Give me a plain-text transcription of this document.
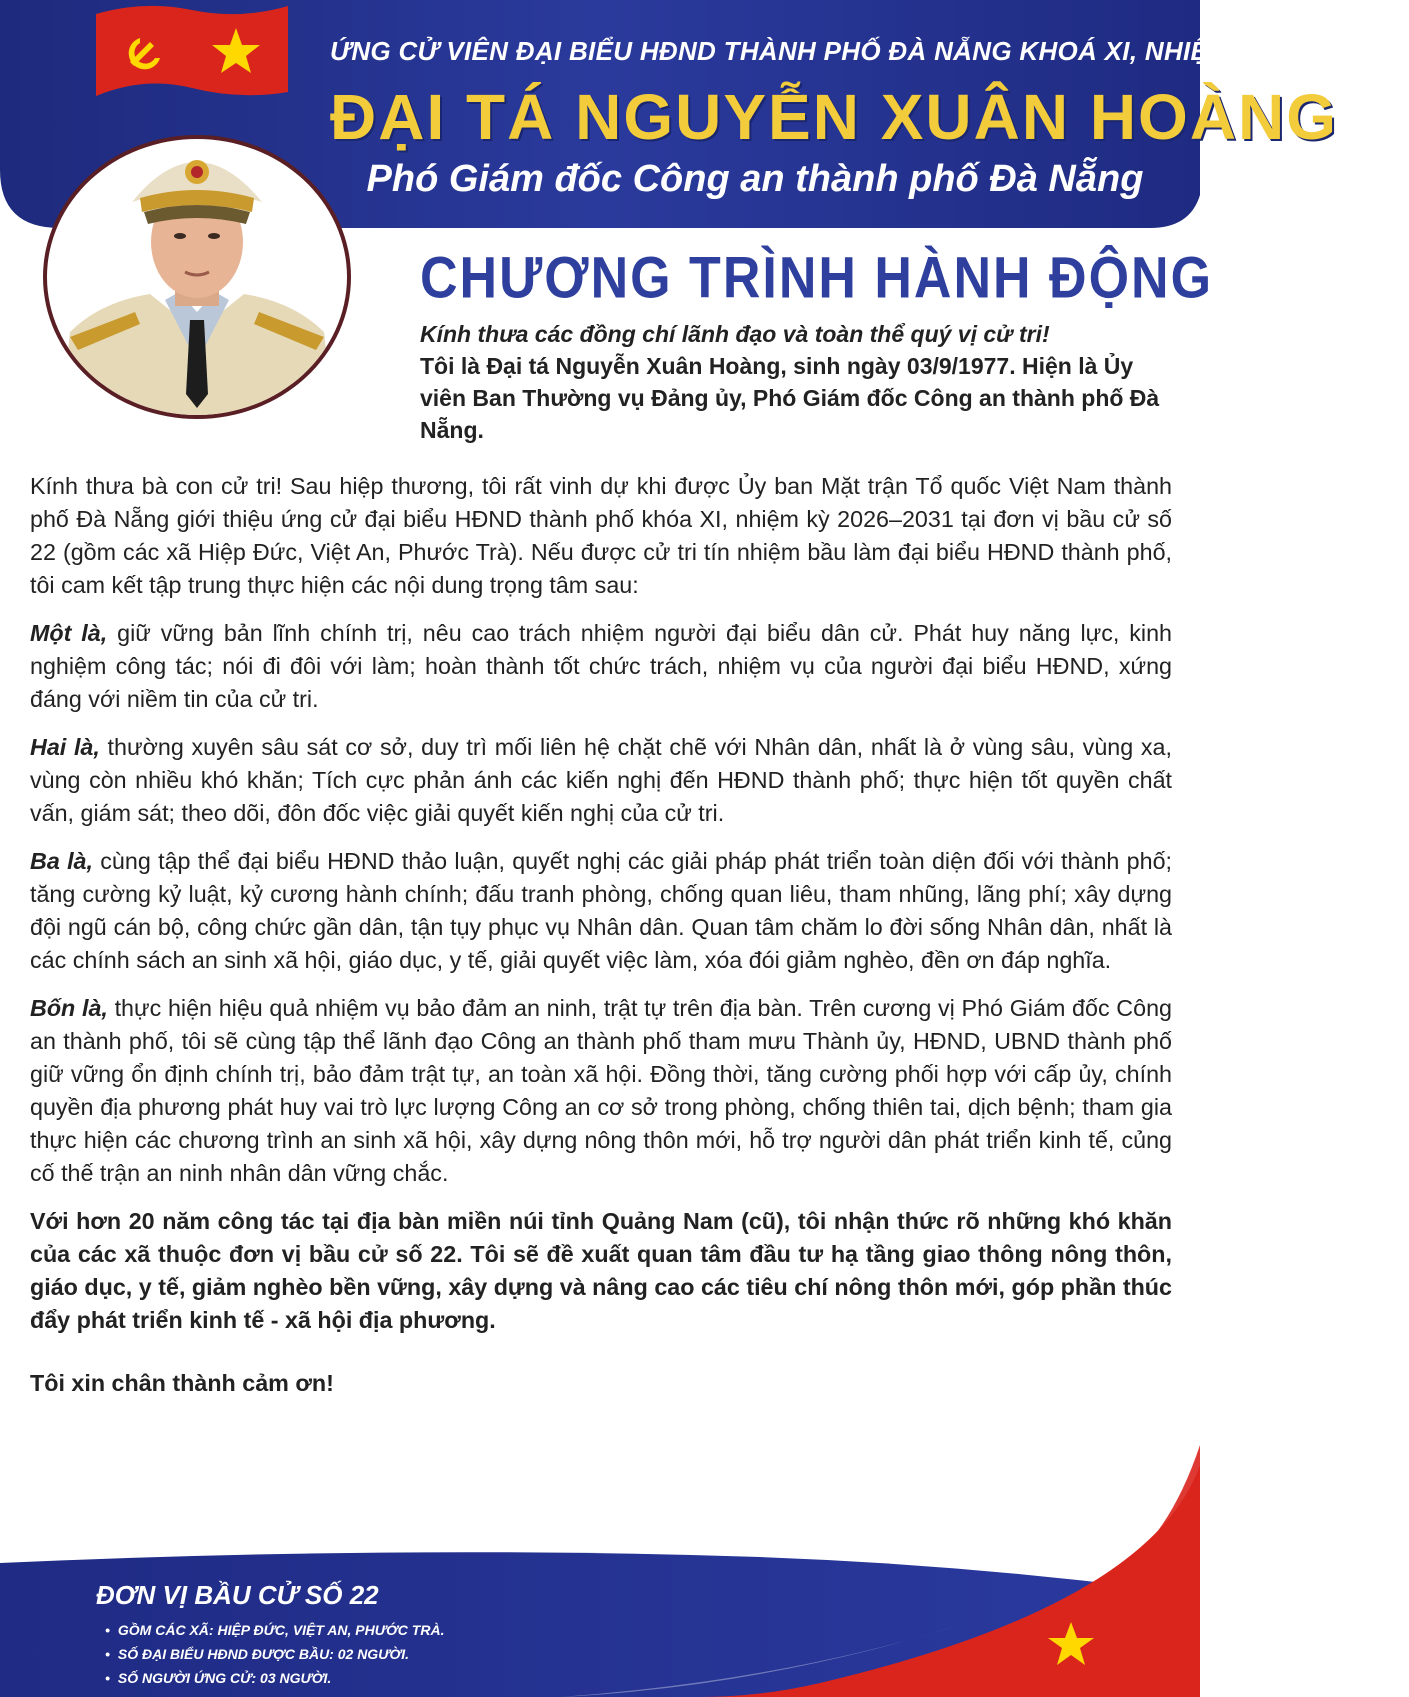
ỨNG CỬ VIÊN ĐẠI BIỂU HĐND THÀNH PHỐ ĐÀ NẴNG KHOÁ XI, NHIỆM KỲ 2026-2031
ĐẠI TÁ NGUYỄN XUÂN HOÀNG
Phó Giám đốc Công an thành phố Đà Nẵng
CHƯƠNG TRÌNH HÀNH ĐỘNG

Kính thưa các đồng chí lãnh đạo và toàn thể quý vị cử tri!

Tôi là Đại tá Nguyễn Xuân Hoàng, sinh ngày 03/9/1977. Hiện là Ủy viên Ban Thường vụ Đảng ủy, Phó Giám đốc Công an thành phố Đà Nẵng.

Kính thưa bà con cử tri! Sau hiệp thương, tôi rất vinh dự khi được Ủy ban Mặt trận Tổ quốc Việt Nam thành phố Đà Nẵng giới thiệu ứng cử đại biểu HĐND thành phố khóa XI, nhiệm kỳ 2026–2031 tại đơn vị bầu cử số 22 (gồm các xã Hiệp Đức, Việt An, Phước Trà). Nếu được cử tri tín nhiệm bầu làm đại biểu HĐND thành phố, tôi cam kết tập trung thực hiện các nội dung trọng tâm sau:

Một là, giữ vững bản lĩnh chính trị, nêu cao trách nhiệm người đại biểu dân cử. Phát huy năng lực, kinh nghiệm công tác; nói đi đôi với làm; hoàn thành tốt chức trách, nhiệm vụ của người đại biểu HĐND, xứng đáng với niềm tin của cử tri.

Hai là, thường xuyên sâu sát cơ sở, duy trì mối liên hệ chặt chẽ với Nhân dân, nhất là ở vùng sâu, vùng xa, vùng còn nhiều khó khăn; Tích cực phản ánh các kiến nghị đến HĐND thành phố; thực hiện tốt quyền chất vấn, giám sát; theo dõi, đôn đốc việc giải quyết kiến nghị của cử tri.

Ba là, cùng tập thể đại biểu HĐND thảo luận, quyết nghị các giải pháp phát triển toàn diện đối với thành phố; tăng cường kỷ luật, kỷ cương hành chính; đấu tranh phòng, chống quan liêu, tham nhũng, lãng phí; xây dựng đội ngũ cán bộ, công chức gần dân, tận tụy phục vụ Nhân dân. Quan tâm chăm lo đời sống Nhân dân, nhất là các chính sách an sinh xã hội, giáo dục, y tế, giải quyết việc làm, xóa đói giảm nghèo, đền ơn đáp nghĩa.

Bốn là, thực hiện hiệu quả nhiệm vụ bảo đảm an ninh, trật tự trên địa bàn. Trên cương vị Phó Giám đốc Công an thành phố, tôi sẽ cùng tập thể lãnh đạo Công an thành phố tham mưu Thành ủy, HĐND, UBND thành phố giữ vững ổn định chính trị, bảo đảm trật tự, an toàn xã hội. Đồng thời, tăng cường phối hợp với cấp ủy, chính quyền địa phương phát huy vai trò lực lượng Công an cơ sở trong phòng, chống thiên tai, dịch bệnh; tham gia thực hiện các chương trình an sinh xã hội, xây dựng nông thôn mới, hỗ trợ người dân phát triển kinh tế, củng cố thế trận an ninh nhân dân vững chắc.

Với hơn 20 năm công tác tại địa bàn miền núi tỉnh Quảng Nam (cũ), tôi nhận thức rõ những khó khăn của các xã thuộc đơn vị bầu cử số 22. Tôi sẽ đề xuất quan tâm đầu tư hạ tầng giao thông nông thôn, giáo dục, y tế, giảm nghèo bền vững, xây dựng và nâng cao các tiêu chí nông thôn mới, góp phần thúc đẩy phát triển kinh tế - xã hội địa phương.

Tôi xin chân thành cảm ơn!

ĐƠN VỊ BẦU CỬ SỐ 22
• GỒM CÁC XÃ: HIỆP ĐỨC, VIỆT AN, PHƯỚC TRÀ.
• SỐ ĐẠI BIỂU HĐND ĐƯỢC BẦU: 02 NGƯỜI.
• SỐ NGƯỜI ỨNG CỬ: 03 NGƯỜI.
